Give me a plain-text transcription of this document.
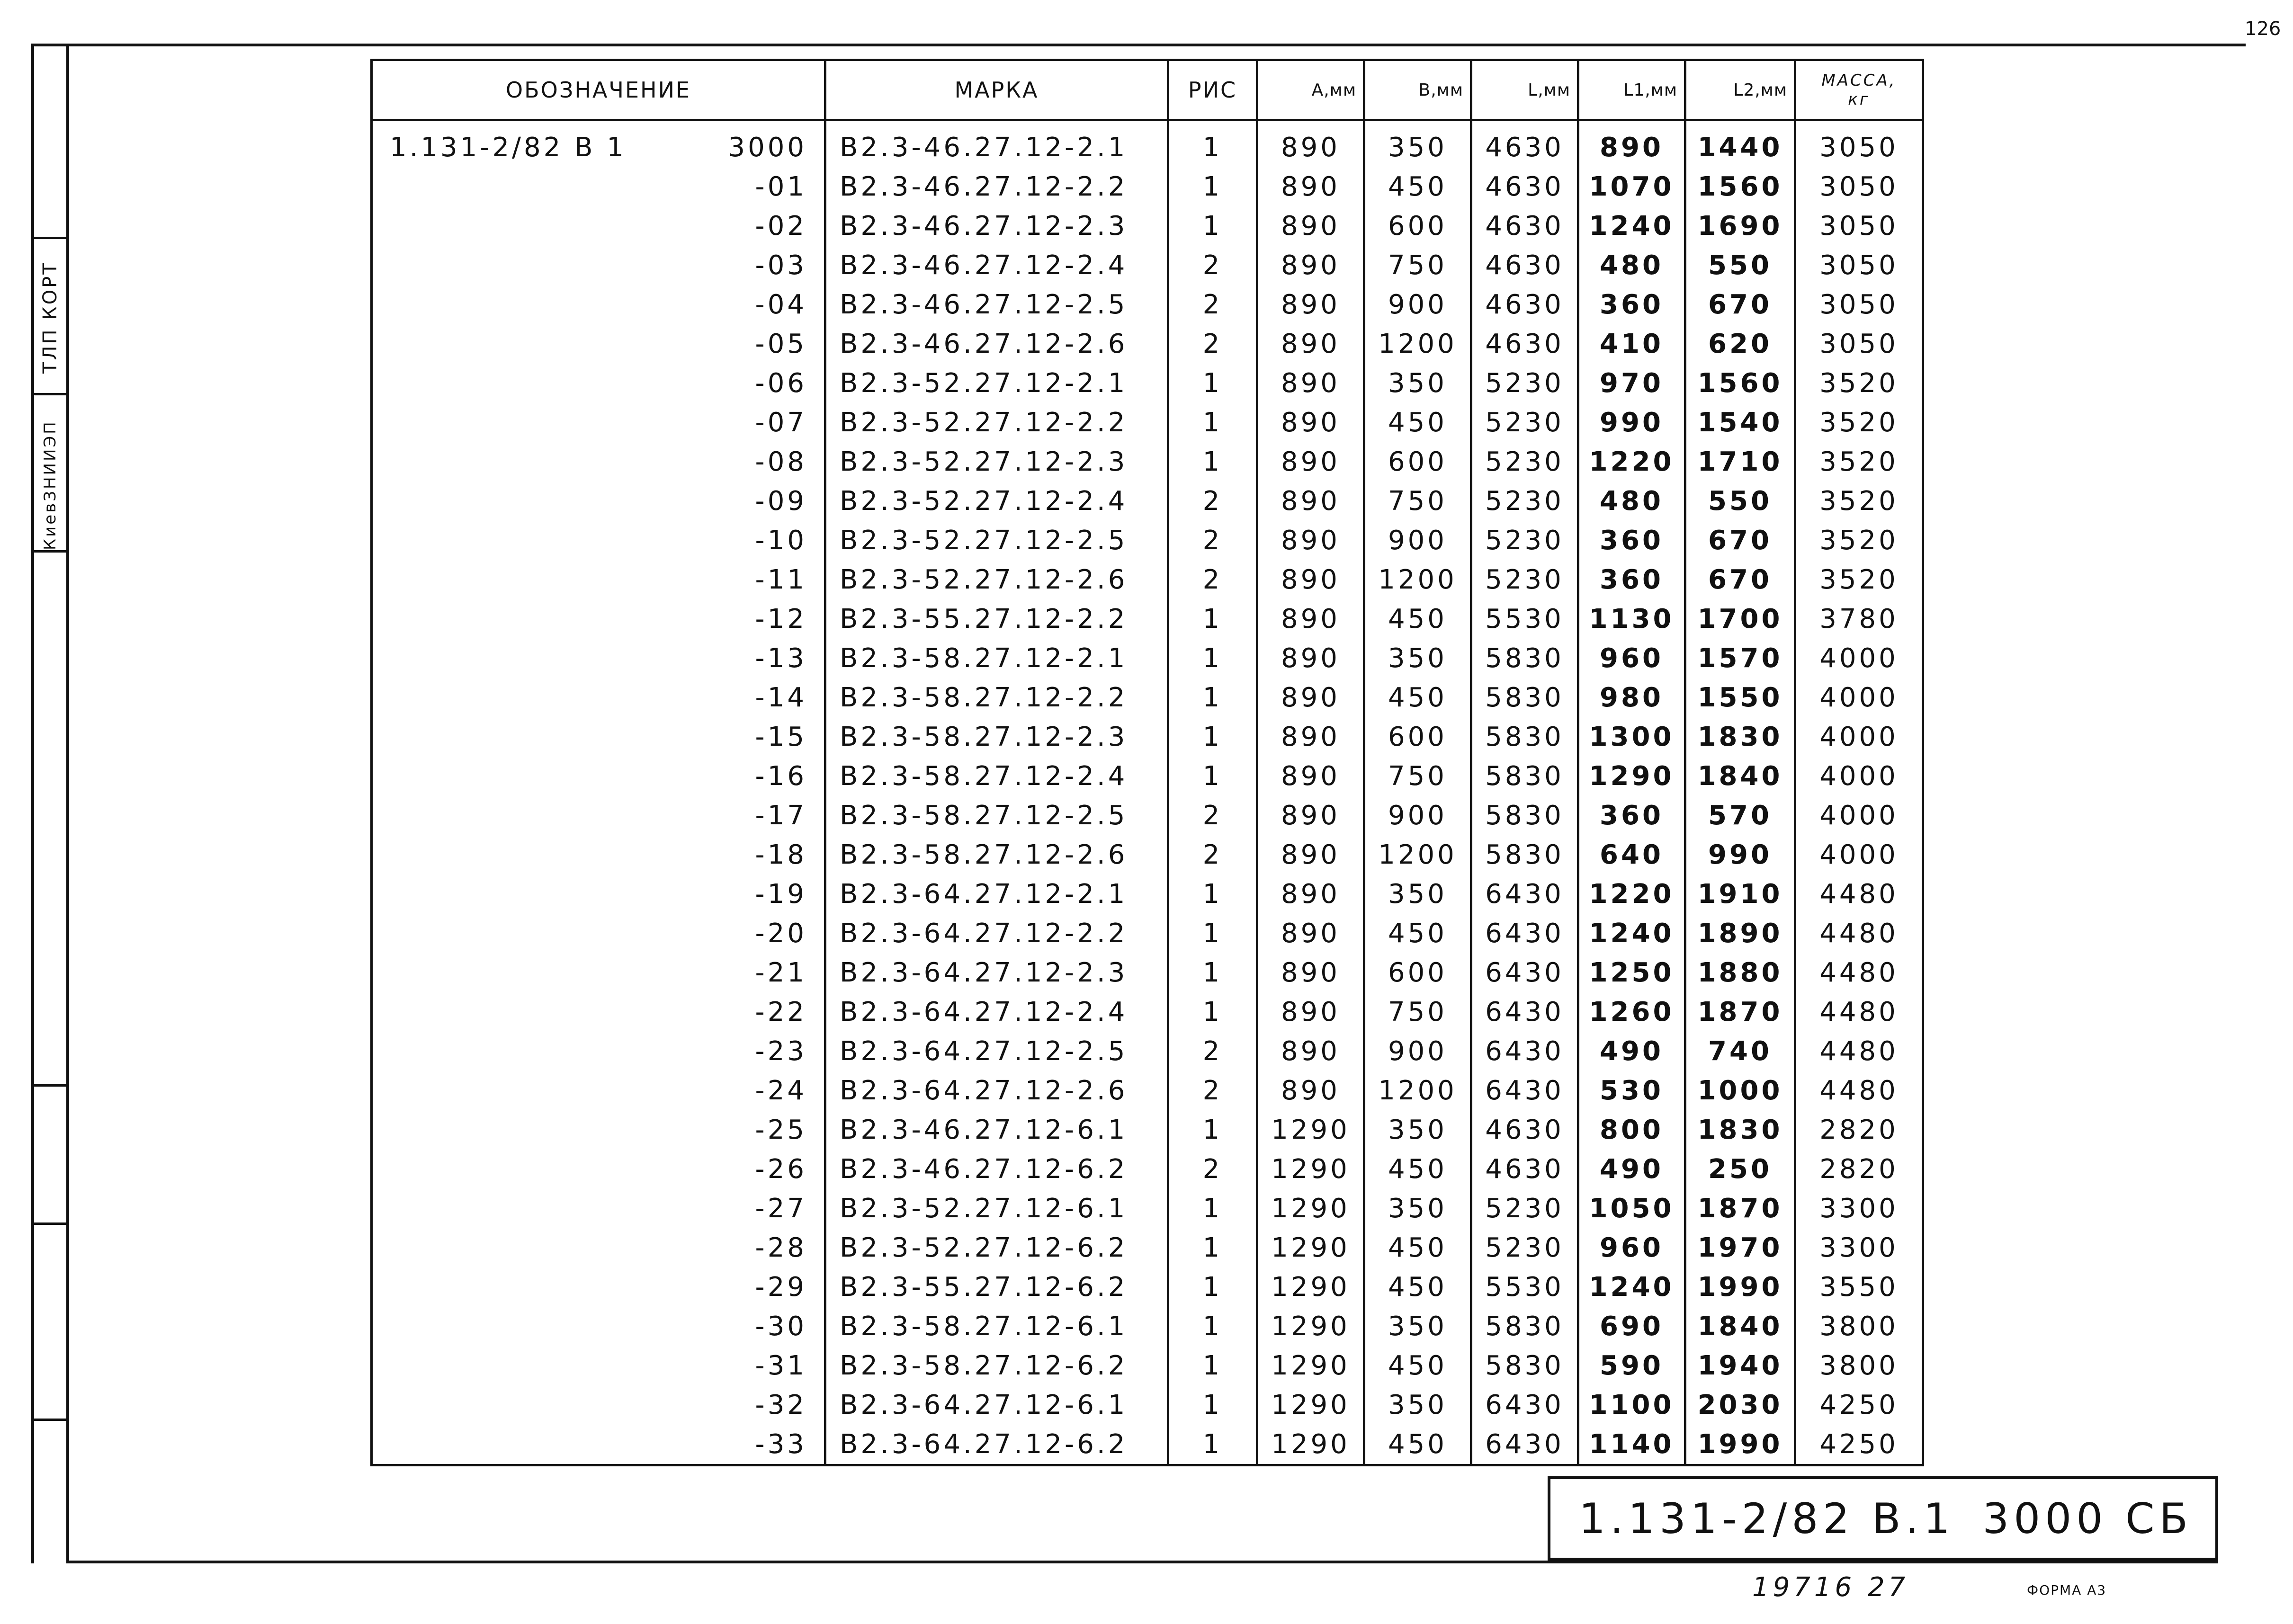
ТЛП КОРТ
КиевЗНИИЭП
126
ОБОЗНАЧЕНИЕ	МАРКА	РИС	А,мм	В,мм	L,мм	L1,мм	L2,мм	МАССА,
кг

1.131-2/82 В 1 3000	В2.3-46.27.12-2.1	1	890	350	4630	890	1440	3050
-01	В2.3-46.27.12-2.2	1	890	450	4630	1070	1560	3050
-02	В2.3-46.27.12-2.3	1	890	600	4630	1240	1690	3050
-03	В2.3-46.27.12-2.4	2	890	750	4630	480	550	3050
-04	В2.3-46.27.12-2.5	2	890	900	4630	360	670	3050
-05	В2.3-46.27.12-2.6	2	890	1200	4630	410	620	3050
-06	В2.3-52.27.12-2.1	1	890	350	5230	970	1560	3520
-07	В2.3-52.27.12-2.2	1	890	450	5230	990	1540	3520
-08	В2.3-52.27.12-2.3	1	890	600	5230	1220	1710	3520
-09	В2.3-52.27.12-2.4	2	890	750	5230	480	550	3520
-10	В2.3-52.27.12-2.5	2	890	900	5230	360	670	3520
-11	В2.3-52.27.12-2.6	2	890	1200	5230	360	670	3520
-12	В2.3-55.27.12-2.2	1	890	450	5530	1130	1700	3780
-13	В2.3-58.27.12-2.1	1	890	350	5830	960	1570	4000
-14	В2.3-58.27.12-2.2	1	890	450	5830	980	1550	4000
-15	В2.3-58.27.12-2.3	1	890	600	5830	1300	1830	4000
-16	В2.3-58.27.12-2.4	1	890	750	5830	1290	1840	4000
-17	В2.3-58.27.12-2.5	2	890	900	5830	360	570	4000
-18	В2.3-58.27.12-2.6	2	890	1200	5830	640	990	4000
-19	В2.3-64.27.12-2.1	1	890	350	6430	1220	1910	4480
-20	В2.3-64.27.12-2.2	1	890	450	6430	1240	1890	4480
-21	В2.3-64.27.12-2.3	1	890	600	6430	1250	1880	4480
-22	В2.3-64.27.12-2.4	1	890	750	6430	1260	1870	4480
-23	В2.3-64.27.12-2.5	2	890	900	6430	490	740	4480
-24	В2.3-64.27.12-2.6	2	890	1200	6430	530	1000	4480
-25	В2.3-46.27.12-6.1	1	1290	350	4630	800	1830	2820
-26	В2.3-46.27.12-6.2	2	1290	450	4630	490	250	2820
-27	В2.3-52.27.12-6.1	1	1290	350	5230	1050	1870	3300
-28	В2.3-52.27.12-6.2	1	1290	450	5230	960	1970	3300
-29	В2.3-55.27.12-6.2	1	1290	450	5530	1240	1990	3550
-30	В2.3-58.27.12-6.1	1	1290	350	5830	690	1840	3800
-31	В2.3-58.27.12-6.2	1	1290	450	5830	590	1940	3800
-32	В2.3-64.27.12-6.1	1	1290	350	6430	1100	2030	4250
-33	В2.3-64.27.12-6.2	1	1290	450	6430	1140	1990	4250
1.131-2/82 В.1 3000 СБ
19716 27	ФОРМА А3
